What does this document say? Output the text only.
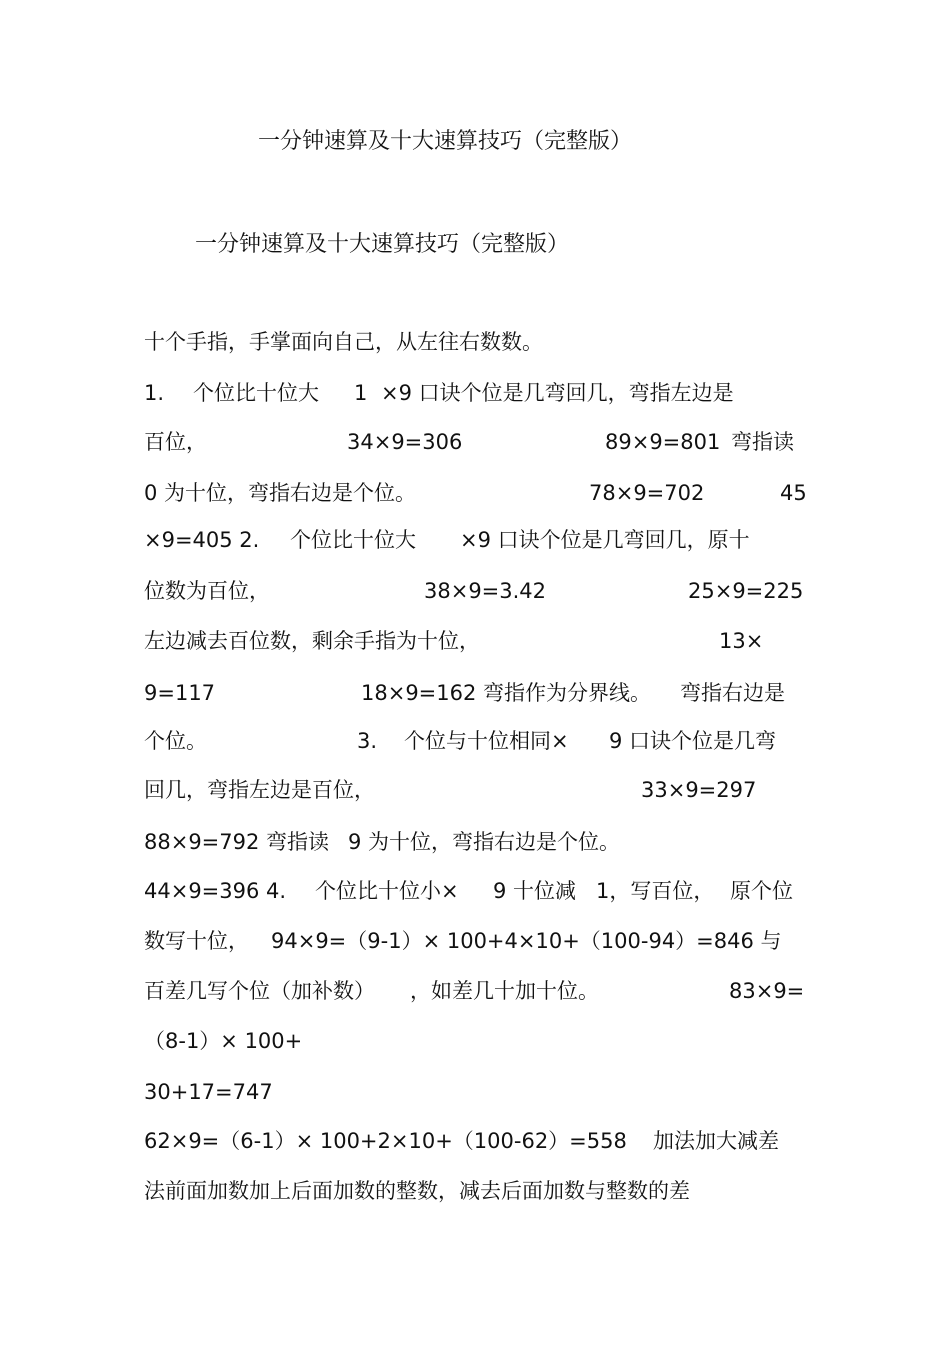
一分钟速算及十大速算技巧（完整版）
一分钟速算及十大速算技巧（完整版）
十个手指，手掌面向自己，从左往右数数。
1. 个位比十位大 1 ×9 口诀个位是几弯回几，弯指左边是
百位，	34×9=306	89×9=801 弯指读
0 为十位，弯指右边是个位。	78×9=702	45
×9=405 2. 个位比十位大 ×9 口诀个位是几弯回几，原十
位数为百位，	38×9=3.42	25×9=225
左边减去百位数，剩余手指为十位，	13×
9=117	18×9=162 弯指作为分界线。 弯指右边是
个位。	3. 个位与十位相同× 9 口诀个位是几弯
回几，弯指左边是百位，	33×9=297
88×9=792 弯指读 9 为十位，弯指右边是个位。
44×9=396 4. 个位比十位小× 9 十位减 1，写百位， 原个位
数写十位， 94×9=（9-1）× 100+4×10+（100-94）=846 与
百差几写个位（加补数） ，如差几十加十位。	83×9=
（8-1）× 100+
30+17=747
62×9=（6-1）× 100+2×10+（100-62）=558 加法加大减差
法前面加数加上后面加数的整数，减去后面加数与整数的差
